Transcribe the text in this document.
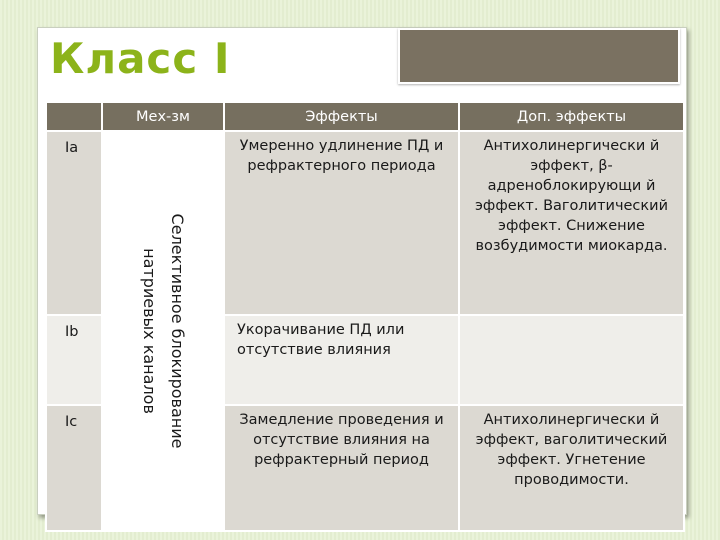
Класс I
	Мех-зм	Эффекты	Доп. эффекты
Ia	Селективное блокирование натриевых каналов	Умеренно удлинение ПД и рефрактерного периода	Антихолинергически й эффект, β-адреноблокирующи й эффект. Ваголитический эффект. Снижение возбудимости миокарда.
Ib		Укорачивание ПД или отсутствие влияния	
Ic		Замедление проведения и отсутствие влияния на рефрактерный период	Антихолинергически й эффект, ваголитический эффект. Угнетение проводимости.
